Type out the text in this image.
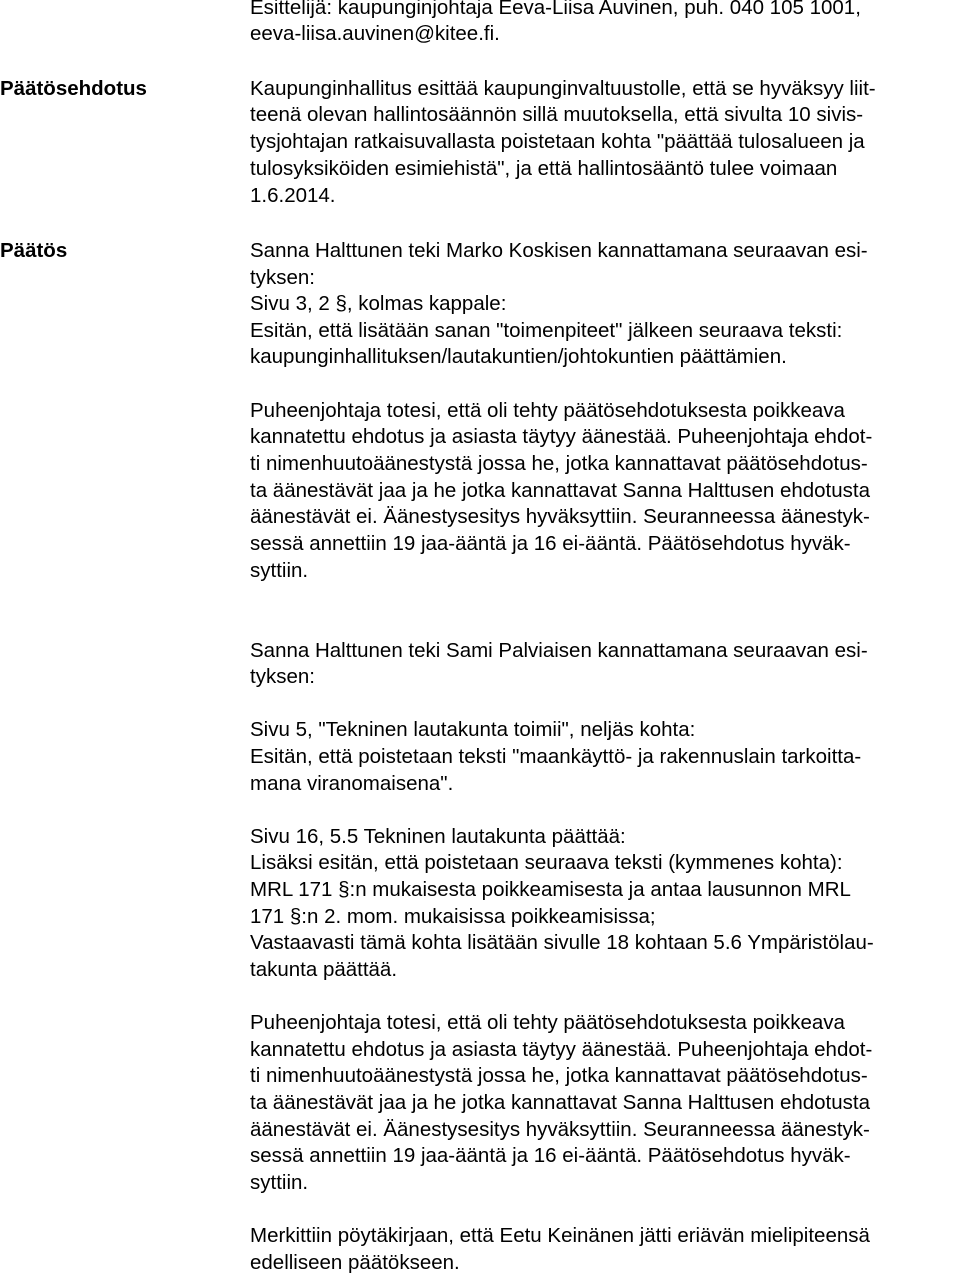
Esittelijä: kaupunginjohtaja Eeva-Liisa Auvinen, puh. 040 105 1001,
eeva-liisa.auvinen@kitee.fi.
Päätösehdotus	Kaupunginhallitus esittää kaupunginvaltuustolle, että se hyväksyy liit-
teenä olevan hallintosäännön sillä muutoksella, että sivulta 10 sivis-
tysjohtajan ratkaisuvallasta poistetaan kohta "päättää tulosalueen ja
tulosyksiköiden esimiehistä", ja että hallintosääntö tulee voimaan
1.6.2014.
Päätös	Sanna Halttunen teki Marko Koskisen kannattamana seuraavan esi-
tyksen:
Sivu 3, 2 §, kolmas kappale:
Esitän, että lisätään sanan "toimenpiteet" jälkeen seuraava teksti:
kaupunginhallituksen/lautakuntien/johtokuntien päättämien.
Puheenjohtaja totesi, että oli tehty päätösehdotuksesta poikkeava
kannatettu ehdotus ja asiasta täytyy äänestää. Puheenjohtaja ehdot-
ti nimenhuutoäänestystä jossa he, jotka kannattavat päätösehdotus-
ta äänestävät jaa ja he jotka kannattavat Sanna Halttusen ehdotusta
äänestävät ei. Äänestysesitys hyväksyttiin. Seuranneessa äänestyk-
sessä annettiin 19 jaa-ääntä ja 16 ei-ääntä. Päätösehdotus hyväk-
syttiin.
Sanna Halttunen teki Sami Palviaisen kannattamana seuraavan esi-
tyksen:
Sivu 5, "Tekninen lautakunta toimii", neljäs kohta:
Esitän, että poistetaan teksti "maankäyttö- ja rakennuslain tarkoitta-
mana viranomaisena".
Sivu 16, 5.5 Tekninen lautakunta päättää:
Lisäksi esitän, että poistetaan seuraava teksti (kymmenes kohta):
MRL 171 §:n mukaisesta poikkeamisesta ja antaa lausunnon MRL
171 §:n 2. mom. mukaisissa poikkeamisissa;
Vastaavasti tämä kohta lisätään sivulle 18 kohtaan 5.6 Ympäristölau-
takunta päättää.
Puheenjohtaja totesi, että oli tehty päätösehdotuksesta poikkeava
kannatettu ehdotus ja asiasta täytyy äänestää. Puheenjohtaja ehdot-
ti nimenhuutoäänestystä jossa he, jotka kannattavat päätösehdotus-
ta äänestävät jaa ja he jotka kannattavat Sanna Halttusen ehdotusta
äänestävät ei. Äänestysesitys hyväksyttiin. Seuranneessa äänestyk-
sessä annettiin 19 jaa-ääntä ja 16 ei-ääntä. Päätösehdotus hyväk-
syttiin.
Merkittiin pöytäkirjaan, että Eetu Keinänen jätti eriävän mielipiteensä
edelliseen päätökseen.
